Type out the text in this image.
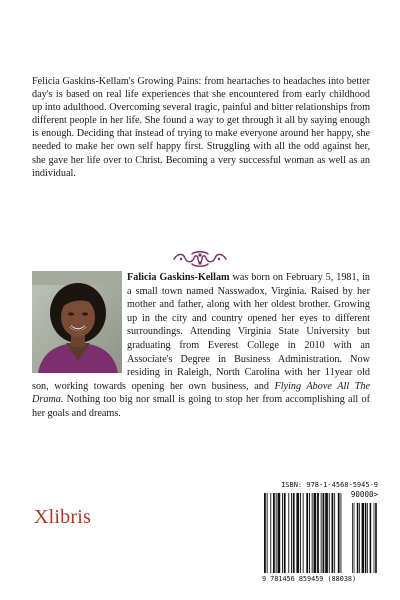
Felicia Gaskins-Kellam's Growing Pains: from heartaches to headaches into better day's is based on real life experiences that she encountered from early childhood up into adulthood. Overcoming several tragic, painful and bitter relationships from different people in her life. She found a way to get through it all by saying enough is enough. Deciding that instead of trying to make everyone around her happy, she needed to make her own self happy first. Struggling with all the odd against her, she gave her life over to Christ. Becoming a very successful woman as well as an individual.

Falicia Gaskins-Kellam was born on February 5, 1981, in a small town named Nasswadox, Virginia. Raised by her mother and father, along with her oldest brother. Growing up in the city and country opened her eyes to different surroundings. Attending Virginia State University but graduating from Everest College in 2010 with an Associate's Degree in Business Administration. Now residing in Raleigh, North Carolina with her 11year old son, working towards opening her own business, and Flying Above All The Drama. Nothing too big nor small is going to stop her from accomplishing all of her goals and dreams.

Xlibris
ISBN: 978-1-4568-5945-9
90000>
9 781456 859459 (88038)
